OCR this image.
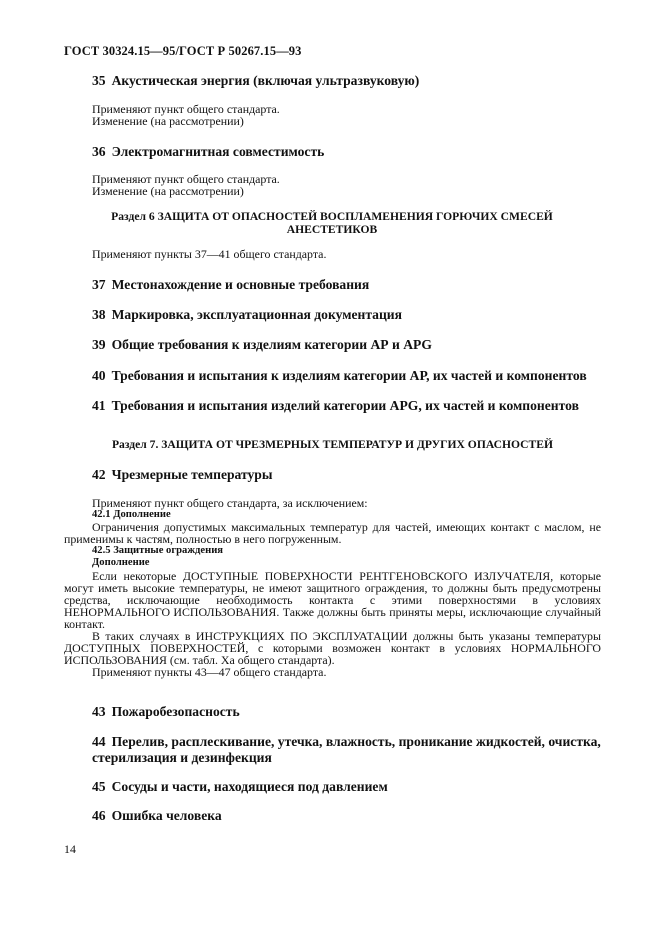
ГОСТ 30324.15—95/ГОСТ Р 50267.15—93
35 Акустическая энергия (включая ультразвуковую)
Применяют пункт общего стандарта.
Изменение (на рассмотрении)
36 Электромагнитная совместимость
Применяют пункт общего стандарта.
Изменение (на рассмотрении)
Раздел 6 ЗАЩИТА ОТ ОПАСНОСТЕЙ ВОСПЛАМЕНЕНИЯ ГОРЮЧИХ СМЕСЕЙ
АНЕСТЕТИКОВ
Применяют пункты 37—41 общего стандарта.
37 Местонахождение и основные требования
38 Маркировка, эксплуатационная документация
39 Общие требования к изделиям категории АР и APG
40 Требования и испытания к изделиям категории АР, их частей и компонентов
41 Требования и испытания изделий категории APG, их частей и компонентов
Раздел 7. ЗАЩИТА ОТ ЧРЕЗМЕРНЫХ ТЕМПЕРАТУР И ДРУГИХ ОПАСНОСТЕЙ
42 Чрезмерные температуры

Применяют пункт общего стандарта, за исключением:

42.1 Дополнение

Ограничения допустимых максимальных температур для частей, имеющих контакт с маслом, не применимы к частям, полностью в него погруженным.

42.5 Защитные ограждения

Дополнение

Если некоторые ДОСТУПНЫЕ ПОВЕРХНОСТИ РЕНТГЕНОВСКОГО ИЗЛУЧАТЕЛЯ, которые могут иметь высокие температуры, не имеют защитного ограждения, то должны быть предусмотрены средства, исключающие необходимость контакта с этими поверхностями в условиях НЕНОРМАЛЬНОГО ИСПОЛЬЗОВАНИЯ. Также должны быть приняты меры, исключающие случайный контакт.

В таких случаях в ИНСТРУКЦИЯХ ПО ЭКСПЛУАТАЦИИ должны быть указаны температуры ДОСТУПНЫХ ПОВЕРХНОСТЕЙ, с которыми возможен контакт в условиях НОРМАЛЬНОГО ИСПОЛЬЗОВАНИЯ (см. табл. Ха общего стандарта).

Применяют пункты 43—47 общего стандарта.

43 Пожаробезопасность
44 Перелив, расплескивание, утечка, влажность, проникание жидкостей, очистка, стерилизация и дезинфекция
45 Сосуды и части, находящиеся под давлением
46 Ошибка человека
14
